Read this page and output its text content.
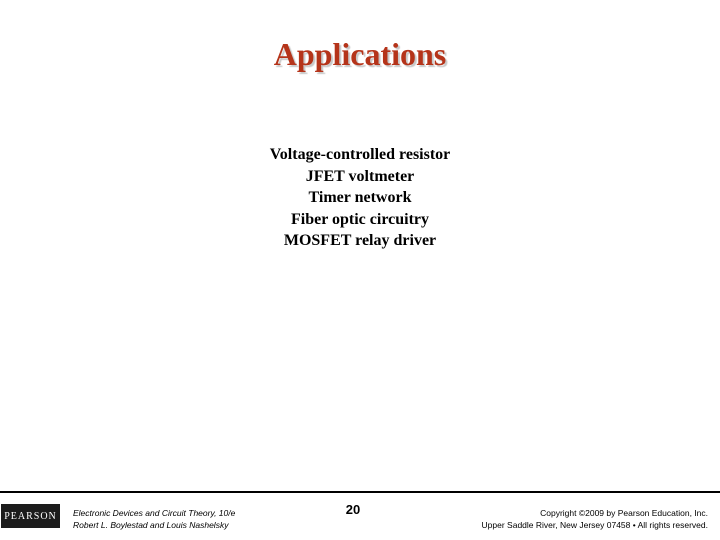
Applications
Voltage-controlled resistor
JFET voltmeter
Timer network
Fiber optic circuitry
MOSFET relay driver
PEARSON	Electronic Devices and Circuit Theory, 10/e
Robert L. Boylestad and Louis Nashelsky
20	Copyright ©2009 by Pearson Education, Inc.
Upper Saddle River, New Jersey 07458 • All rights reserved.
